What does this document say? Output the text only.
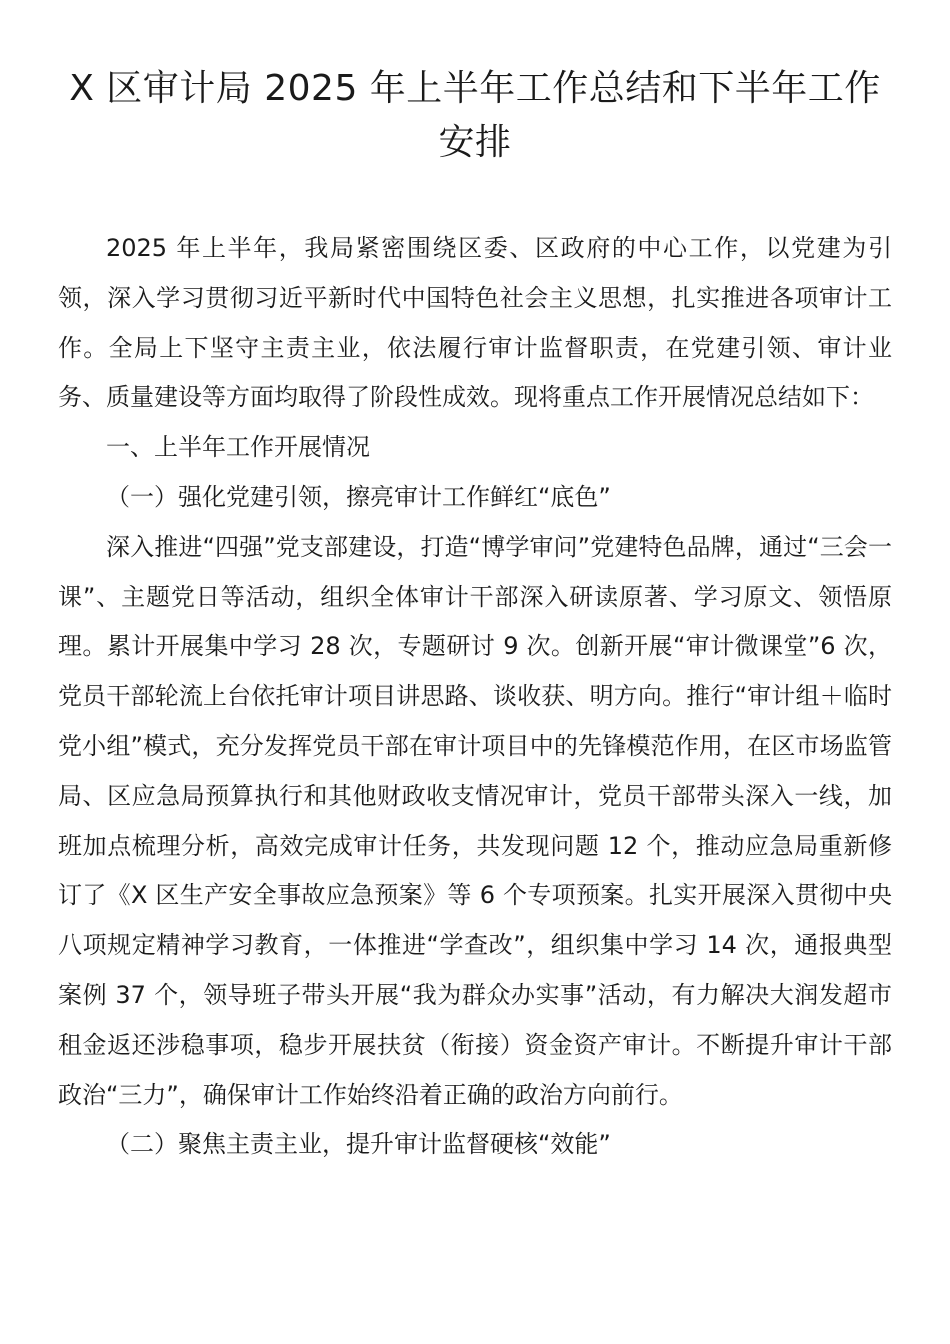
X 区审计局 2025 年上半年工作总结和下半年工作安排

2025 年上半年，我局紧密围绕区委、区政府的中心工作，以党建为引领，深入学习贯彻习近平新时代中国特色社会主义思想，扎实推进各项审计工作。全局上下坚守主责主业，依法履行审计监督职责，在党建引领、审计业务、质量建设等方面均取得了阶段性成效。现将重点工作开展情况总结如下：

一、上半年工作开展情况

（一）强化党建引领，擦亮审计工作鲜红“底色”

深入推进“四强”党支部建设，打造“博学审问”党建特色品牌，通过“三会一课”、主题党日等活动，组织全体审计干部深入研读原著、学习原文、领悟原理。累计开展集中学习 28 次，专题研讨 9 次。创新开展“审计微课堂”6 次，党员干部轮流上台依托审计项目讲思路、谈收获、明方向。推行“审计组＋临时党小组”模式，充分发挥党员干部在审计项目中的先锋模范作用，在区市场监管局、区应急局预算执行和其他财政收支情况审计，党员干部带头深入一线，加班加点梳理分析，高效完成审计任务，共发现问题 12 个，推动应急局重新修订了《X 区生产安全事故应急预案》等 6 个专项预案。扎实开展深入贯彻中央八项规定精神学习教育，一体推进“学查改”，组织集中学习 14 次，通报典型案例 37 个，领导班子带头开展“我为群众办实事”活动，有力解决大润发超市租金返还涉稳事项，稳步开展扶贫（衔接）资金资产审计。不断提升审计干部政治“三力”，确保审计工作始终沿着正确的政治方向前行。

（二）聚焦主责主业，提升审计监督硬核“效能”
